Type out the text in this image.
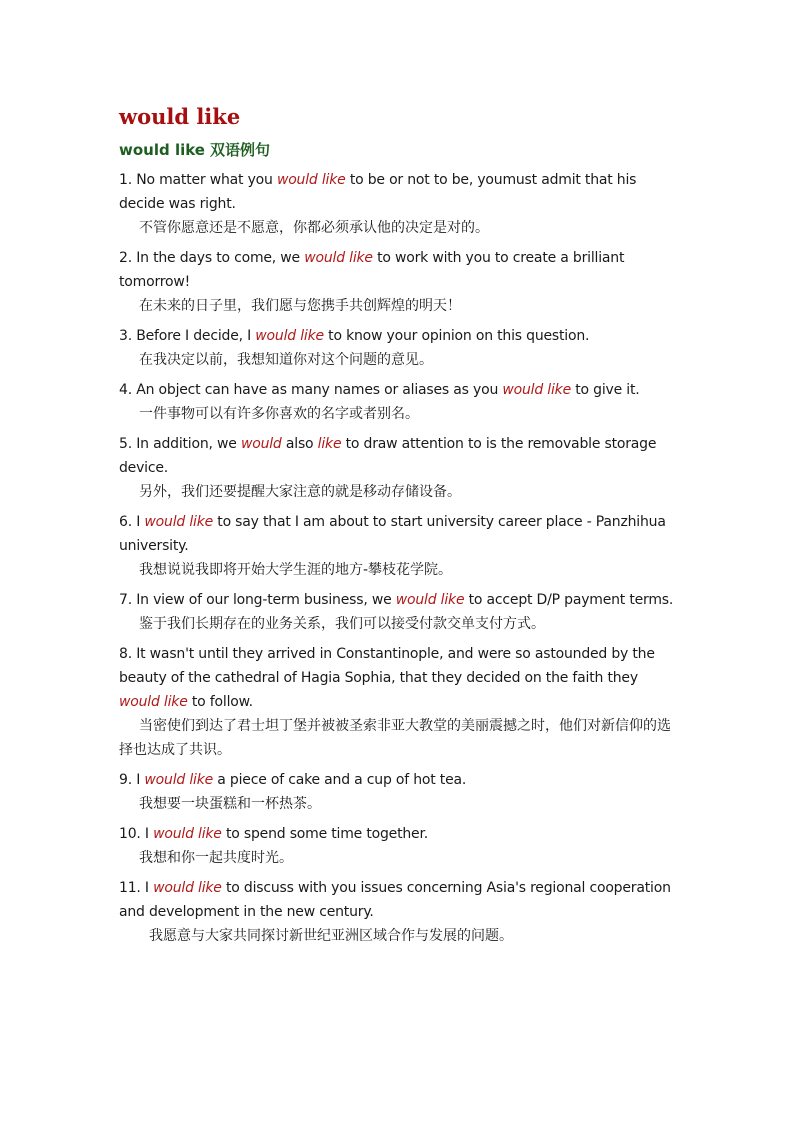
would like
would like 双语例句
1. No matter what you would like to be or not to be, youmust admit that his decide was right.
不管你愿意还是不愿意，你都必须承认他的决定是对的。
2. In the days to come, we would like to work with you to create a brilliant tomorrow!
在未来的日子里，我们愿与您携手共创辉煌的明天！
3. Before I decide, I would like to know your opinion on this question.
在我决定以前，我想知道你对这个问题的意见。
4. An object can have as many names or aliases as you would like to give it.
一件事物可以有许多你喜欢的名字或者别名。
5. In addition, we would also like to draw attention to is the removable storage device.
另外，我们还要提醒大家注意的就是移动存储设备。
6. I would like to say that I am about to start university career place - Panzhihua university.
我想说说我即将开始大学生涯的地方-攀枝花学院。
7. In view of our long-term business, we would like to accept D/P payment terms.
鉴于我们长期存在的业务关系，我们可以接受付款交单支付方式。
8. It wasn't until they arrived in Constantinople, and were so astounded by the beauty of the cathedral of Hagia Sophia, that they decided on the faith they would like to follow.
当密使们到达了君士坦丁堡并被被圣索非亚大教堂的美丽震撼之时，他们对新信仰的选择也达成了共识。
9. I would like a piece of cake and a cup of hot tea.
我想要一块蛋糕和一杯热茶。
10. I would like to spend some time together.
我想和你一起共度时光。
11. I would like to discuss with you issues concerning Asia's regional cooperation and development in the new century.
我愿意与大家共同探讨新世纪亚洲区域合作与发展的问题。
